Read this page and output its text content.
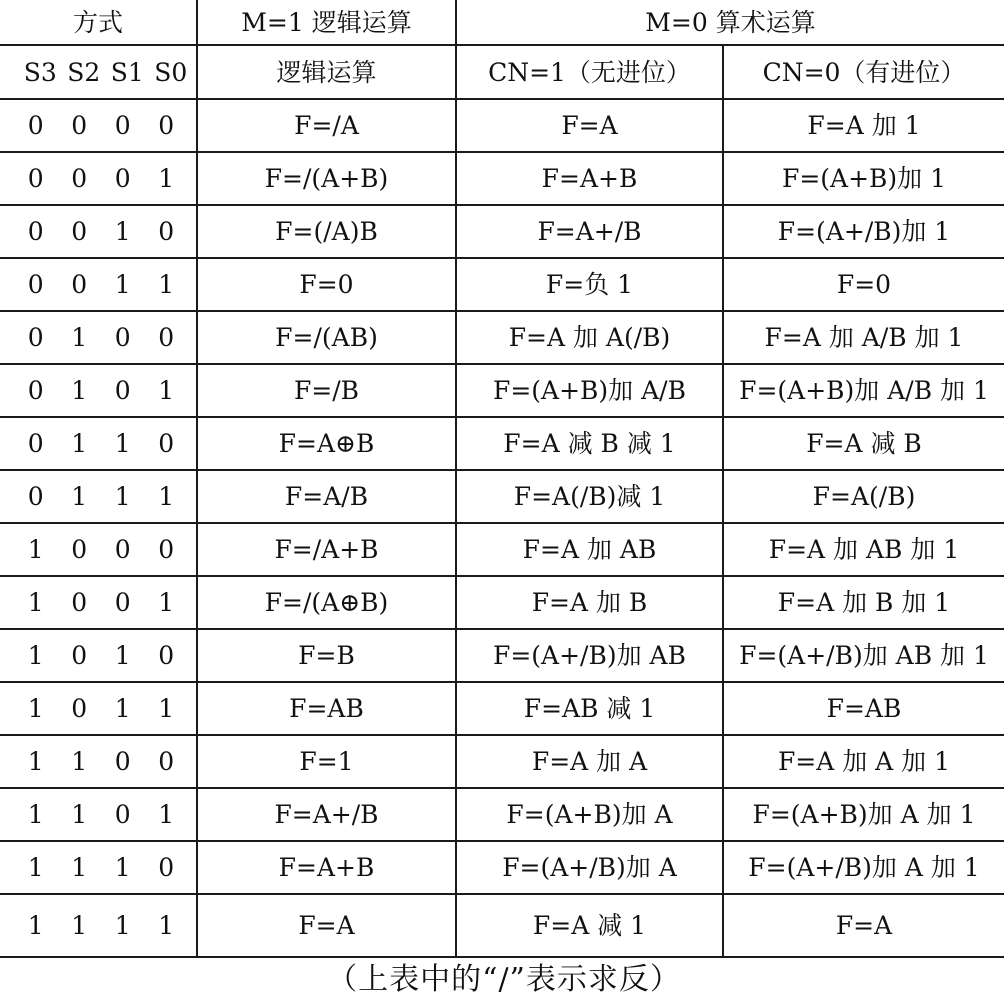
方式	M=1 逻辑运算	M=0 算术运算	

S3 S2 S1 S0	逻辑运算	CN=1（无进位）	CN=0（有进位）

0 0 0 0	F=/A	F=A	F=A 加 1

0 0 0 1	F=/(A+B)	F=A+B	F=(A+B)加 1

0 0 1 0	F=(/A)B	F=A+/B	F=(A+/B)加 1

0 0 1 1	F=0	F=负 1	F=0

0 1 0 0	F=/(AB)	F=A 加 A(/B)	F=A 加 A/B 加 1

0 1 0 1	F=/B	F=(A+B)加 A/B	F=(A+B)加 A/B 加 1

0 1 1 0	F=A⊕B	F=A 减 B 减 1	F=A 减 B

0 1 1 1	F=A/B	F=A(/B)减 1	F=A(/B)

1 0 0 0	F=/A+B	F=A 加 AB	F=A 加 AB 加 1

1 0 0 1	F=/(A⊕B)	F=A 加 B	F=A 加 B 加 1

1 0 1 0	F=B	F=(A+/B)加 AB	F=(A+/B)加 AB 加 1

1 0 1 1	F=AB	F=AB 减 1	F=AB

1 1 0 0	F=1	F=A 加 A	F=A 加 A 加 1

1 1 0 1	F=A+/B	F=(A+B)加 A	F=(A+B)加 A 加 1

1 1 1 0	F=A+B	F=(A+/B)加 A	F=(A+/B)加 A 加 1

1 1 1 1	F=A	F=A 减 1	F=A
（上表中的“/”表示求反）
